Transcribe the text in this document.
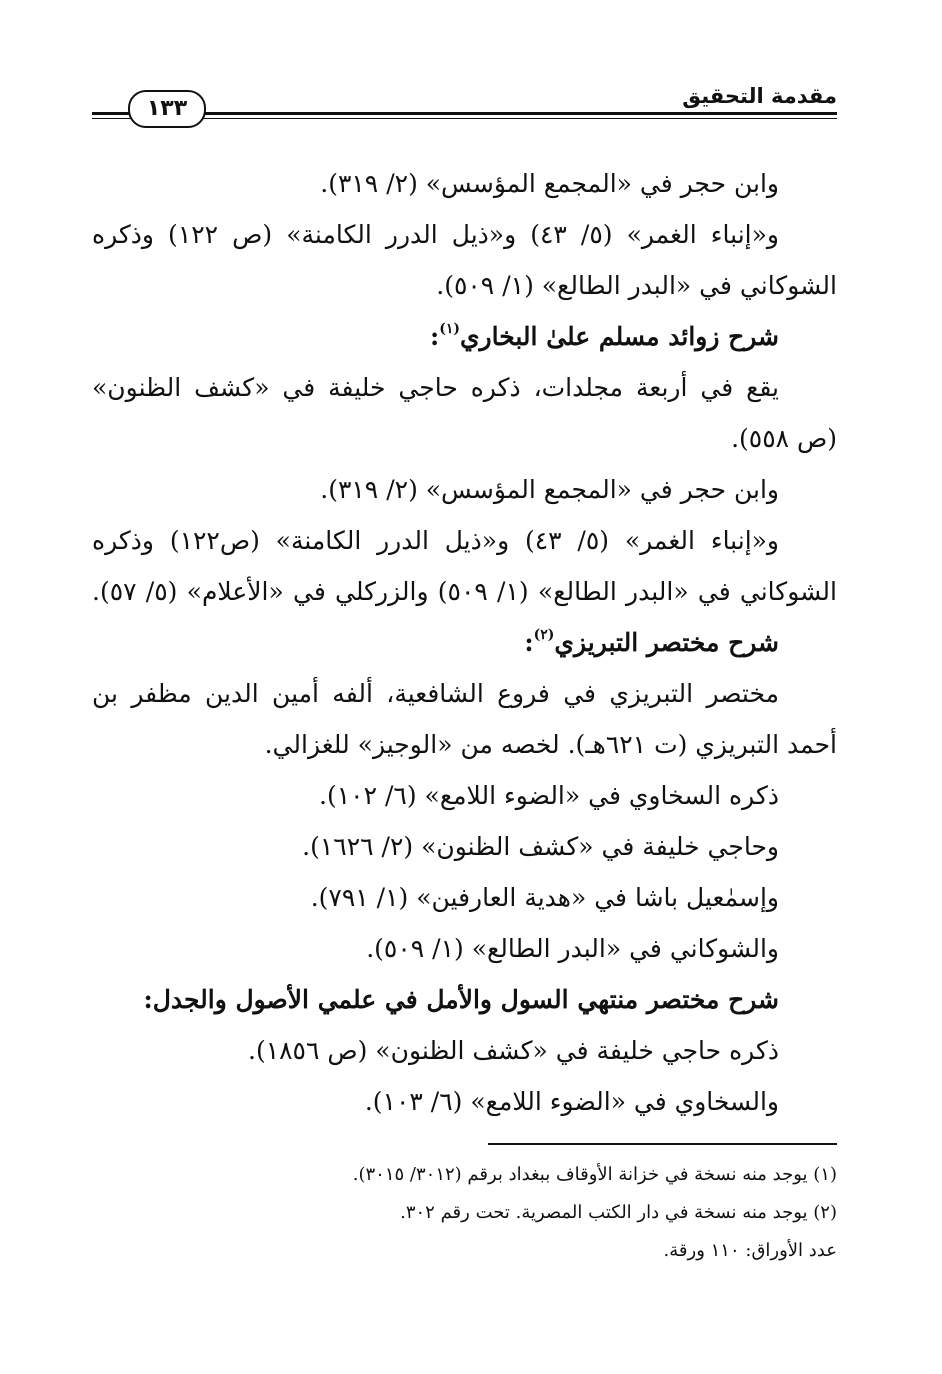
مقدمة التحقيق
١٣٣
وابن حجر في «المجمع المؤسس» (٢/ ٣١٩).
و«إنباء الغمر» (٥/ ٤٣) و«ذيل الدرر الكامنة» (ص ١٢٢) وذكره
الشوكاني في «البدر الطالع» (١/ ٥٠٩).
شرح زوائد مسلم علىٰ البخاري$^{(١)}$:
يقع في أربعة مجلدات، ذكره حاجي خليفة في «كشف الظنون»
(ص ٥٥٨).
وابن حجر في «المجمع المؤسس» (٢/ ٣١٩).
و«إنباء الغمر» (٥/ ٤٣) و«ذيل الدرر الكامنة» (ص١٢٢) وذكره
الشوكاني في «البدر الطالع» (١/ ٥٠٩) والزركلي في «الأعلام» (٥/ ٥٧).
شرح مختصر التبريزي$^{(٢)}$:
مختصر التبريزي في فروع الشافعية، ألفه أمين الدين مظفر بن
أحمد التبريزي (ت ٦٢١هـ). لخصه من «الوجيز» للغزالي.
ذكره السخاوي في «الضوء اللامع» (٦/ ١٠٢).
وحاجي خليفة في «كشف الظنون» (٢/ ١٦٢٦).
وإسمٰعيل باشا في «هدية العارفين» (١/ ٧٩١).
والشوكاني في «البدر الطالع» (١/ ٥٠٩).
شرح مختصر منتهي السول والأمل في علمي الأصول والجدل:
ذكره حاجي خليفة في «كشف الظنون» (ص ١٨٥٦).
والسخاوي في «الضوء اللامع» (٦/ ١٠٣).
(١) يوجد منه نسخة في خزانة الأوقاف ببغداد برقم (٣٠١٢/ ٣٠١٥).
(٢) يوجد منه نسخة في دار الكتب المصرية. تحت رقم ٣٠٢.
عدد الأوراق: ١١٠ ورقة.
